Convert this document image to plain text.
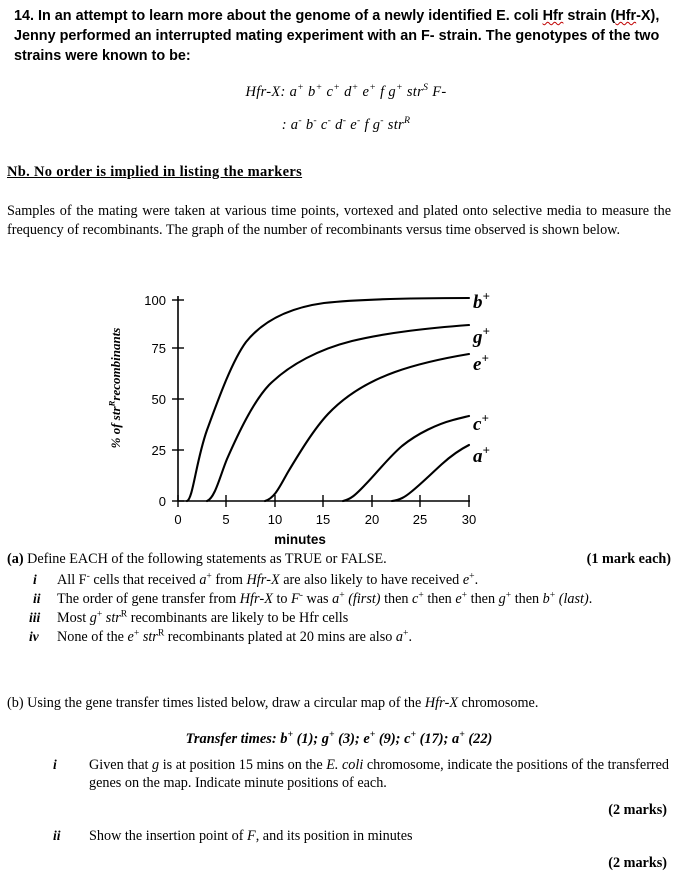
14. In an attempt to learn more about the genome of a newly identified E. coli Hfr strain (Hfr-X), Jenny performed an interrupted mating experiment with an F- strain. The genotypes of the two strains were known to be:
Hfr-X: a+ b+ c+ d+ e+ f g+ str$^S$ F-
: a- b- c- d- e- f g- str$^R$
Nb. No order is implied in listing the markers
Samples of the mating were taken at various time points, vortexed and plated onto selective media to measure the frequency of recombinants. The graph of the number of recombinants versus time observed is shown below.
% of str$^R$recombinants
0
25
50
75
100
0	5	10	15	20	25	30
minutes
b+
g+
e+
c+
a+
(a) Define EACH of the following statements as TRUE or FALSE.	(1 mark each)
i All F- cells that received a+ from Hfr-X are also likely to have received e+.
ii The order of gene transfer from Hfr-X to F- was a+ (first) then c+ then e+ then g+ then b+ (last).
iii Most g+ str$^R$ recombinants are likely to be Hfr cells
iv None of the e+ str$^R$ recombinants plated at 20 mins are also a+.
(b) Using the gene transfer times listed below, draw a circular map of the Hfr-X chromosome.
Transfer times: b+ (1); g+ (3); e+ (9); c+ (17); a+ (22)
i Given that g is at position 15 mins on the E. coli chromosome, indicate the positions of the transferred genes on the map. Indicate minute positions of each.
(2 marks)
ii Show the insertion point of F, and its position in minutes
(2 marks)
